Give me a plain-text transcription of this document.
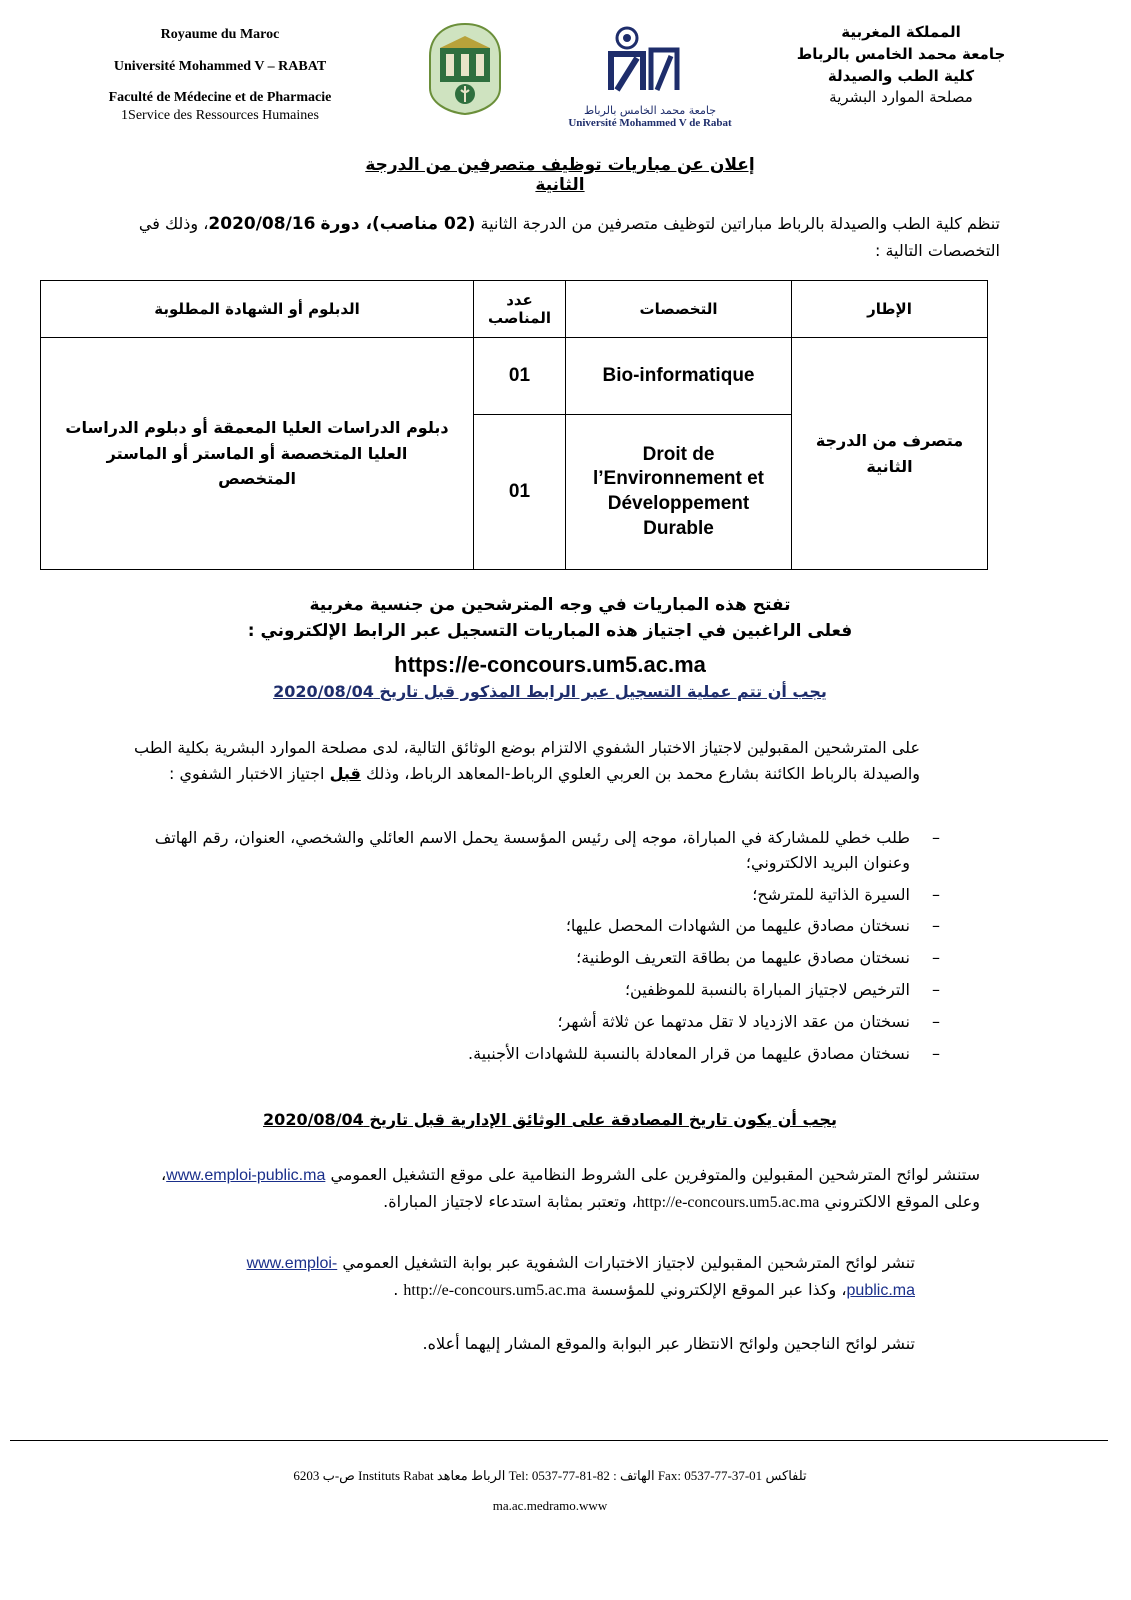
Royaume du Maroc
Université Mohammed V – RABAT
Faculté de Médecine et de Pharmacie
1Service des Ressources Humaines	جامعة محمد الخامس بالرباط
Université Mohammed V de Rabat
المملكة المغربية
جامعة محمد الخامس بالرباط
كلية الطب والصيدلة
مصلحة الموارد البشرية
إعلان عن مباريات توظيف متصرفين من الدرجة الثانية
تنظم كلية الطب والصيدلة بالرباط مباراتين لتوظيف متصرفين من الدرجة الثانية (02 مناصب)، دورة 2020/08/16، وذلك في التخصصات التالية :
الإطار	التخصصات	عدد المناصب	الدبلوم أو الشهادة المطلوبة
متصرف من الدرجة الثانية	Bio-informatique	01	دبلوم الدراسات العليا المعمقة أو دبلوم الدراسات العليا المتخصصة أو الماستر أو الماستر المتخصص
	Droit de l’Environnement et Développement Durable	01	
تفتح هذه المباريات في وجه المترشحين من جنسية مغربية
فعلى الراغبين في اجتياز هذه المباريات التسجيل عبر الرابط الإلكتروني :
https://e-concours.um5.ac.ma
يجب أن تتم عملية التسجيل عبر الرابط المذكور قبل تاريخ 2020/08/04
على المترشحين المقبولين لاجتياز الاختبار الشفوي الالتزام بوضع الوثائق التالية، لدى مصلحة الموارد البشرية بكلية الطب والصيدلة بالرباط الكائنة بشارع محمد بن العربي العلوي الرباط-المعاهد الرباط، وذلك قبل اجتياز الاختبار الشفوي :
–
طلب خطي للمشاركة في المباراة، موجه إلى رئيس المؤسسة يحمل الاسم العائلي والشخصي، العنوان، رقم الهاتف وعنوان البريد الالكتروني؛
–
السيرة الذاتية للمترشح؛
–
نسختان مصادق عليهما من الشهادات المحصل عليها؛
–
نسختان مصادق عليهما من بطاقة التعريف الوطنية؛
–
الترخيص لاجتياز المباراة بالنسبة للموظفين؛
–
نسختان من عقد الازدياد لا تقل مدتهما عن ثلاثة أشهر؛
–
نسختان مصادق عليهما من قرار المعادلة بالنسبة للشهادات الأجنبية.
يجب أن يكون تاريخ المصادقة على الوثائق الإدارية قبل تاريخ 2020/08/04
ستنشر لوائح المترشحين المقبولين والمتوفرين على الشروط النظامية على موقع التشغيل العمومي www.emploi-public.ma، وعلى الموقع الالكتروني http://e-concours.um5.ac.ma، وتعتبر بمثابة استدعاء لاجتياز المباراة.
تنشر لوائح المترشحين المقبولين لاجتياز الاختبارات الشفوية عبر بوابة التشغيل العمومي www.emploi-public.ma، وكذا عبر الموقع الإلكتروني للمؤسسة http://e-concours.um5.ac.ma .
تنشر لوائح الناجحين ولوائح الانتظار عبر البوابة والموقع المشار إليهما أعلاه.
6203 ص-ب Instituts Rabat الرباط معاهد Tel: 0537-77-81-82 : الهاتف Fax: 0537-77-37-01 تلفاكس
ma.ac.medramo.www
